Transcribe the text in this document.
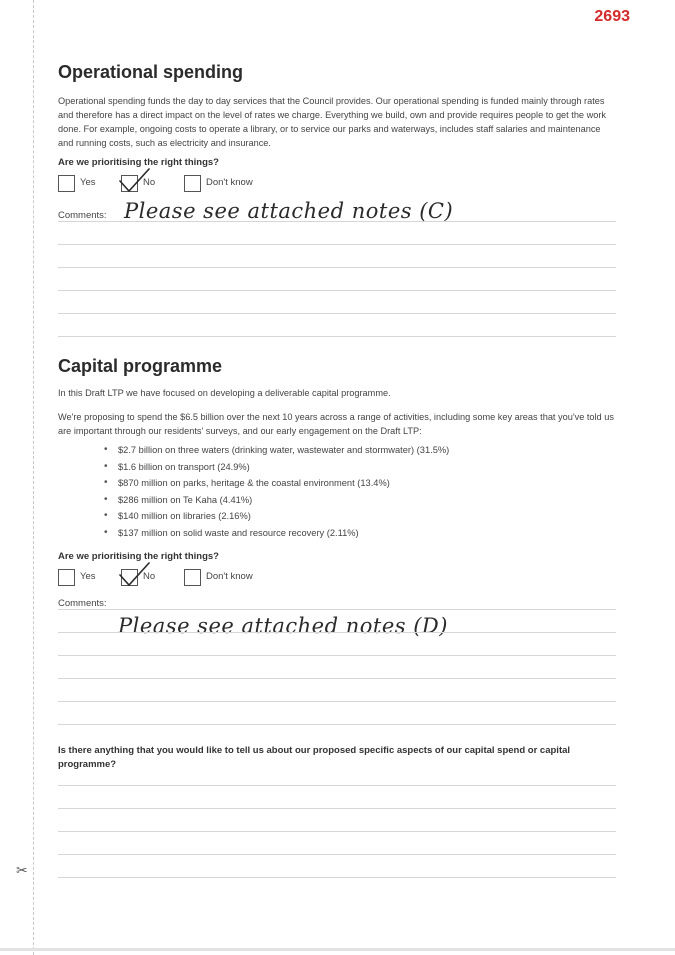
✂
2693
Operational spending

Operational spending funds the day to day services that the Council provides. Our operational spending is funded mainly through rates and therefore has a direct impact on the level of rates we charge. Everything we build, own and provide requires people to get the work done. For example, ongoing costs to operate a library, or to service our parks and waterways, includes staff salaries and maintenance and running costs, such as electricity and insurance.

Are we prioritising the right things?

Yes	No	Don't know
Comments: Please see attached notes (C)
Capital programme

In this Draft LTP we have focused on developing a deliverable capital programme.

We're proposing to spend the $6.5 billion over the next 10 years across a range of activities, including some key areas that you've told us are important through our residents' surveys, and our early engagement on the Draft LTP:

• $2.7 billion on three waters (drinking water, wastewater and stormwater) (31.5%)
• $1.6 billion on transport (24.9%)
• $870 million on parks, heritage & the coastal environment (13.4%)
• $286 million on Te Kaha (4.41%)
• $140 million on libraries (2.16%)
• $137 million on solid waste and resource recovery (2.11%)

Are we prioritising the right things?

Yes	No	Don't know
Comments:
Please see attached notes (D)

Is there anything that you would like to tell us about our proposed specific aspects of our capital spend or capital programme?
